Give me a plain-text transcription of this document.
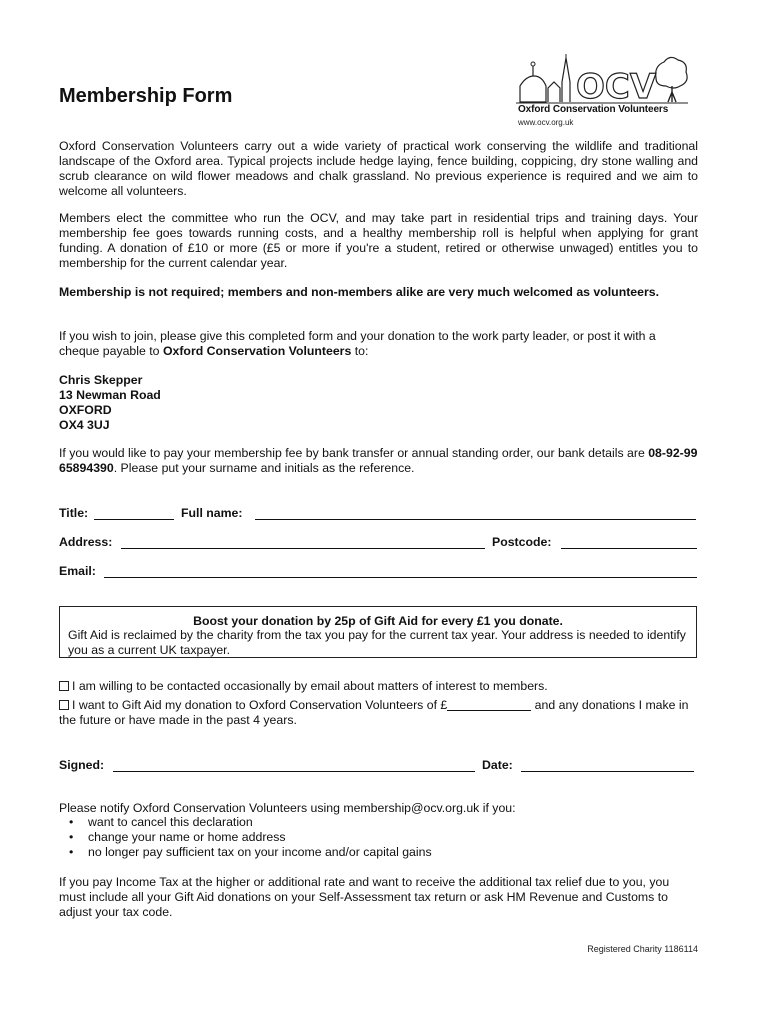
Membership Form	OCV
Oxford Conservation Volunteers
www.ocv.org.uk

Oxford Conservation Volunteers carry out a wide variety of practical work conserving the wildlife and traditional landscape of the Oxford area. Typical projects include hedge laying, fence building, coppicing, dry stone walling and scrub clearance on wild flower meadows and chalk grassland. No previous experience is required and we aim to welcome all volunteers.

Members elect the committee who run the OCV, and may take part in residential trips and training days. Your membership fee goes towards running costs, and a healthy membership roll is helpful when applying for grant funding. A donation of £10 or more (£5 or more if you're a student, retired or otherwise unwaged) entitles you to membership for the current calendar year.

Membership is not required; members and non-members alike are very much welcomed as volunteers.

If you wish to join, please give this completed form and your donation to the work party leader, or post it with a cheque payable to Oxford Conservation Volunteers to:

Chris Skepper
13 Newman Road
OXFORD
OX4 3UJ

If you would like to pay your membership fee by bank transfer or annual standing order, our bank details are 08-92-99 65894390. Please put your surname and initials as the reference.

Title:	Full name:
Address:	Postcode:
Email:
Boost your donation by 25p of Gift Aid for every £1 you donate.
Gift Aid is reclaimed by the charity from the tax you pay for the current tax year. Your address is needed to identify you as a current UK taxpayer.
I am willing to be contacted occasionally by email about matters of interest to members.
I want to Gift Aid my donation to Oxford Conservation Volunteers of £	and any donations I make in the future or have made in the past 4 years.
Signed:	Date:

Please notify Oxford Conservation Volunteers using membership@ocv.org.uk if you:

• want to cancel this declaration
• change your name or home address
• no longer pay sufficient tax on your income and/or capital gains

If you pay Income Tax at the higher or additional rate and want to receive the additional tax relief due to you, you must include all your Gift Aid donations on your Self-Assessment tax return or ask HM Revenue and Customs to adjust your tax code.

Registered Charity 1186114
